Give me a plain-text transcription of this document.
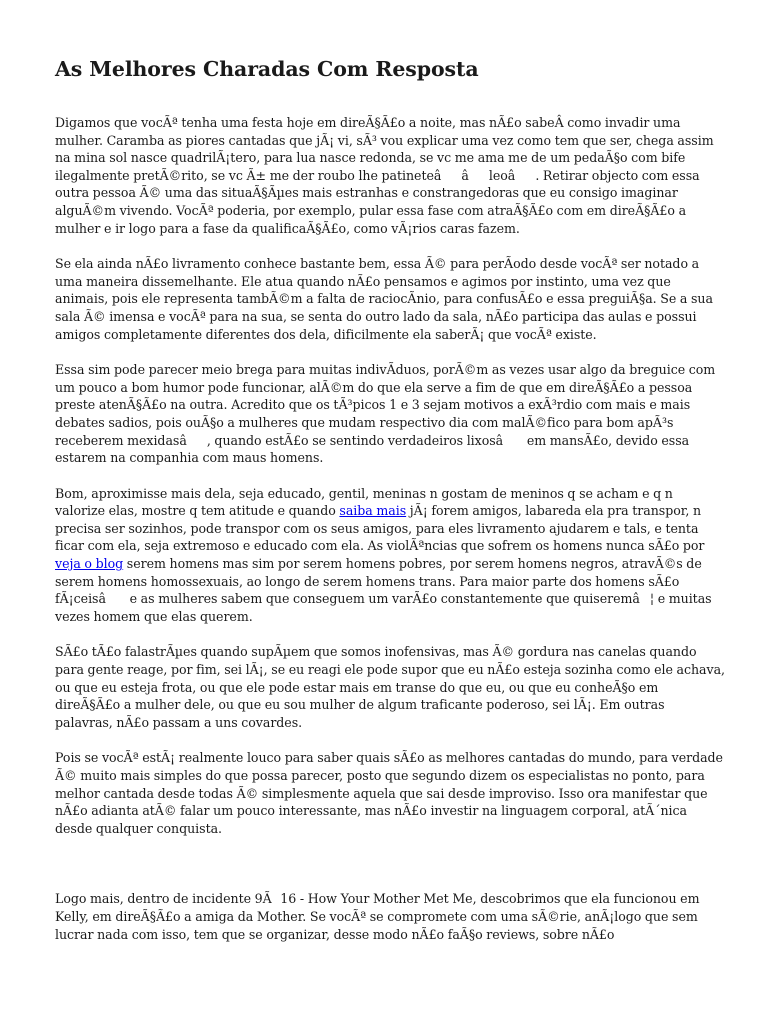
As Melhores Charadas Com Resposta

Digamos que vocÃª tenha uma festa hoje em direÃ§Ã£o a noite, mas nÃ£o sabeÂ como invadir uma mulher. Caramba as piores cantadas que jÃ¡ vi, sÃ³ vou explicar uma vez como tem que ser, chega assim na mina sol nasce quadrilÃ¡tero, para lua nasce redonda, se vc me ama me de um pedaÃ§o com bife ilegalmente pretÃ©rito, se vc Ã± me der roubo lhe patineteââleoâ. Retirar objecto com essa outra pessoa Ã© uma das situaÃ§Ãµes mais estranhas e constrangedoras que eu consigo imaginar alguÃ©m vivendo. VocÃª poderia, por exemplo, pular essa fase com atraÃ§Ã£o com em direÃ§Ã£o a mulher e ir logo para a fase da qualificaÃ§Ã£o, como vÃ¡rios caras fazem.

Se ela ainda nÃ£o livramento conhece bastante bem, essa Ã© para perÃodo desde vocÃª ser notado a uma maneira dissemelhante. Ele atua quando nÃ£o pensamos e agimos por instinto, uma vez que animais, pois ele representa tambÃ©m a falta de raciocÃnio, para confusÃ£o e essa preguiÃ§a. Se a sua sala Ã© imensa e vocÃª para na sua, se senta do outro lado da sala, nÃ£o participa das aulas e possui amigos completamente diferentes dos dela, dificilmente ela saberÃ¡ que vocÃª existe.

Essa sim pode parecer meio brega para muitas indivÃduos, porÃ©m as vezes usar algo da breguice com um pouco a bom humor pode funcionar, alÃ©m do que ela serve a fim de que em direÃ§Ã£o a pessoa preste atenÃ§Ã£o na outra. Acredito que os tÃ³picos 1 e 3 sejam motivos a exÃ³rdio com mais e mais debates sadios, pois ouÃ§o a mulheres que mudam respectivo dia com malÃ©fico para bom apÃ³s receberem mexidasâ, quando estÃ£o se sentindo verdadeiros lixosâ em mansÃ£o, devido essa estarem na companhia com maus homens.

Bom, aproximisse mais dela, seja educado, gentil, meninas n gostam de meninos q se acham e q n valorize elas, mostre q tem atitude e quando saiba mais jÃ¡ forem amigos, labareda ela pra transpor, n precisa ser sozinhos, pode transpor com os seus amigos, para eles livramento ajudarem e tals, e tenta ficar com ela, seja extremoso e educado com ela. As violÃªncias que sofrem os homens nunca sÃ£o por veja o blog serem homens mas sim por serem homens pobres, por serem homens negros, atravÃ©s de serem homens homossexuais, ao longo de serem homens trans. Para maior parte dos homens sÃ£o fÃ¡ceisâ e as mulheres sabem que conseguem um varÃ£o constantemente que quiseremâ¦ e muitas vezes homem que elas querem.

SÃ£o tÃ£o falastrÃµes quando supÃµem que somos inofensivas, mas Ã© gordura nas canelas quando para gente reage, por fim, sei lÃ¡, se eu reagi ele pode supor que eu nÃ£o esteja sozinha como ele achava, ou que eu esteja frota, ou que ele pode estar mais em transe do que eu, ou que eu conheÃ§o em direÃ§Ã£o a mulher dele, ou que eu sou mulher de algum traficante poderoso, sei lÃ¡. Em outras palavras, nÃ£o passam a uns covardes.

Pois se vocÃª estÃ¡ realmente louco para saber quais sÃ£o as melhores cantadas do mundo, para verdade Ã© muito mais simples do que possa parecer, posto que segundo dizem os especialistas no ponto, para melhor cantada desde todas Ã© simplesmente aquela que sai desde improviso. Isso ora manifestar que nÃ£o adianta atÃ© falar um pouco interessante, mas nÃ£o investir na linguagem corporal, atÃ´nica desde qualquer conquista.

Logo mais, dentro de incidente 9Ã16 - How Your Mother Met Me, descobrimos que ela funcionou em Kelly, em direÃ§Ã£o a amiga da Mother. Se vocÃª se compromete com uma sÃ©rie, anÃ¡logo que sem lucrar nada com isso, tem que se organizar, desse modo nÃ£o faÃ§o reviews, sobre nÃ£o
